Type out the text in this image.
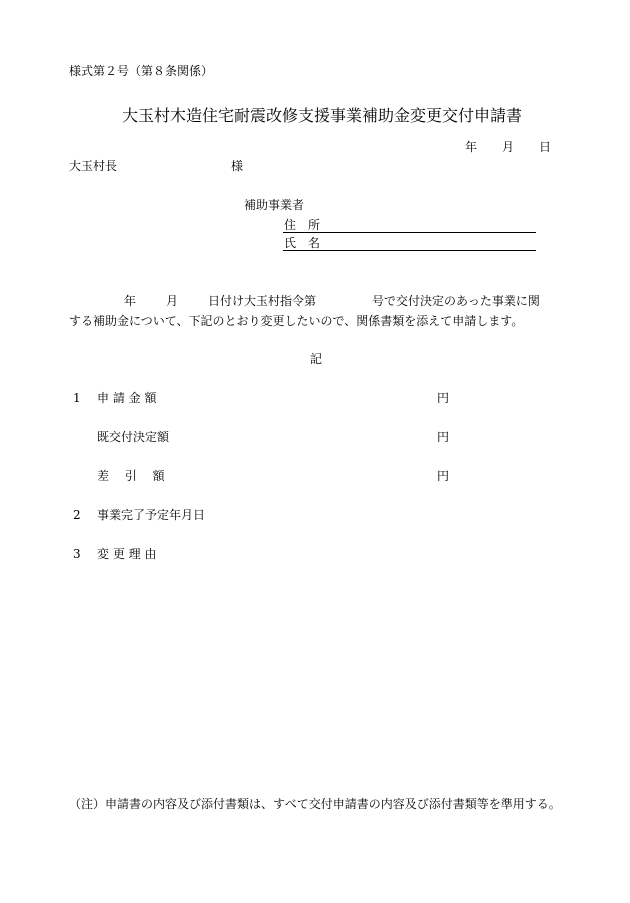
様式第２号（第８条関係）
大玉村木造住宅耐震改修支援事業補助金変更交付申請書
年 月 日
大玉村長	様
補助事業者
住　所
氏　名
年 月 日付け大玉村指令第	号で交付決定のあった事業に関
する補助金について、下記のとおり変更したいので、関係書類を添えて申請します。
記
1 申 請 金 額	円
既交付決定額	円
差　 引　 額	円
2 事業完了予定年月日
3 変 更 理 由
（注）申請書の内容及び添付書類は、すべて交付申請書の内容及び添付書類等を準用する。
